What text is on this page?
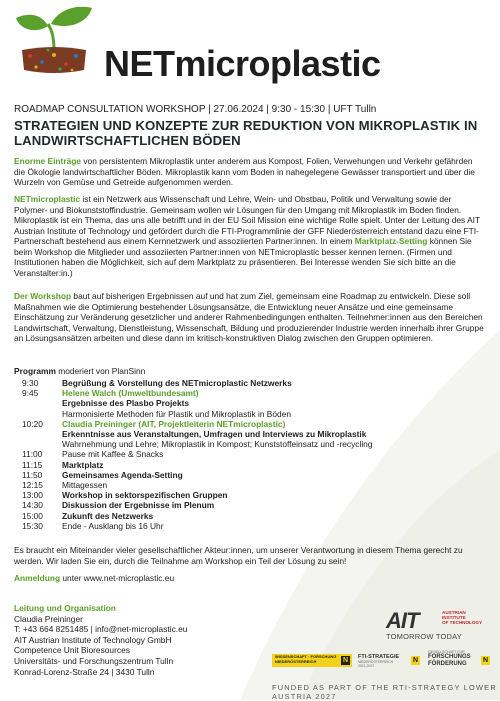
NETmicroplastic
ROADMAP CONSULTATION WORKSHOP | 27.06.2024 | 9:30 - 15:30 | UFT Tulln
STRATEGIEN UND KONZEPTE ZUR REDUKTION VON MIKROPLASTIK IN LANDWIRTSCHAFTLICHEN BÖDEN
Enorme Einträge von persistentem Mikroplastik unter anderem aus Kompost, Folien, Verwehungen und Verkehr gefährden die Ökologie landwirtschaftlicher Böden. Mikroplastik kann vom Boden in nahegelegene Gewässer transportiert und über die Wurzeln von Gemüse und Getreide aufgenommen werden.
NETmicroplastic ist ein Netzwerk aus Wissenschaft und Lehre, Wein- und Obstbau, Politik und Verwaltung sowie der Polymer- und Biokunststoffindustrie. Gemeinsam wollen wir Lösungen für den Umgang mit Mikroplastik im Boden finden. Mikroplastik ist ein Thema, das uns alle betrifft und in der EU Soil Mission eine wichtige Rolle spielt. Unter der Leitung des AIT Austrian Institute of Technology und gefördert durch die FTI-Programmlinie der GFF Niederösterreich entstand dazu eine FTI-Partnerschaft bestehend aus einem Kernnetzwerk und assoziierten Partner:innen. In einem Marktplatz-Setting können Sie beim Workshop die Mitglieder und assoziierten Partner:innen von NETmicroplastic besser kennen lernen. (Firmen und Institutionen haben die Möglichkeit, sich auf dem Marktplatz zu präsentieren. Bei Interesse wenden Sie sich bitte an die Veranstalter:in.)
Der Workshop baut auf bisherigen Ergebnissen auf und hat zum Ziel, gemeinsam eine Roadmap zu entwickeln. Diese soll Maßnahmen wie die Optimierung bestehender Lösungsansätze, die Entwicklung neuer Ansätze und eine gemeinsame Einschätzung zur Veränderung gesetzlicher und anderer Rahmenbedingungen enthalten. Teilnehmer:innen aus den Bereichen Landwirtschaft, Verwaltung, Dienstleistung, Wissenschaft, Bildung und produzierender Industrie werden innerhalb ihrer Gruppe an Lösungsansätzen arbeiten und diese dann im kritisch-konstruktiven Dialog zwischen den Gruppen optimieren.
Programm moderiert von PlanSinn
9:30	Begrüßung & Vorstellung des NETmicroplastic Netzwerks
9:45	Helene Walch (Umweltbundesamt)
	Ergebnisse des Plasbo Projekts
	Harmonisierte Methoden für Plastik und Mikroplastik in Böden
10:20	Claudia Preininger (AIT, Projektleiterin NETmicroplastic)
	Erkenntnisse aus Veranstaltungen, Umfragen und Interviews zu Mikroplastik
	Wahrnehmung und Lehre; Mikroplastik in Kompost; Kunststoffeinsatz und -recycling
11:00	Pause mit Kaffee & Snacks
11:15	Marktplatz
11:50	Gemeinsames Agenda-Setting
12:15	Mittagessen
13:00	Workshop in sektorspezifischen Gruppen
14:30	Diskussion der Ergebnisse im Plenum
15:00	Zukunft des Netzwerks
15:30	Ende - Ausklang bis 16 Uhr
Es braucht ein Miteinander vieler gesellschaftlicher Akteur:innen, um unserer Verantwortung in diesem Thema gerecht zu werden. Wir laden Sie ein, durch die Teilnahme am Workshop ein Teil der Lösung zu sein!
Anmeldung unter www.net-microplastic.eu
Leitung und Organisation
Claudia Preininger
T: +43 664 8251485 | info@net-microplastic.eu
AIT Austrian Institute of Technology GmbH
Competence Unit Bioresources
Universitäts- und Forschungszentrum Tulln
Konrad-Lorenz-Straße 24 | 3430 Tulln
AIT	AUSTRIAN INSTITUTE
OF TECHNOLOGY
TOMORROW TODAY
WISSENSCHAFT · FORSCHUNG
NIEDERÖSTERREICH	N	FTI-STRATEGIE
NIEDERÖSTERREICH
2021-2027
N
GESELLSCHAFT FÜR
FORSCHUNGS
FÖRDERUNG	N
FUNDED AS PART OF THE RTI-STRATEGY LOWER AUSTRIA 2027
